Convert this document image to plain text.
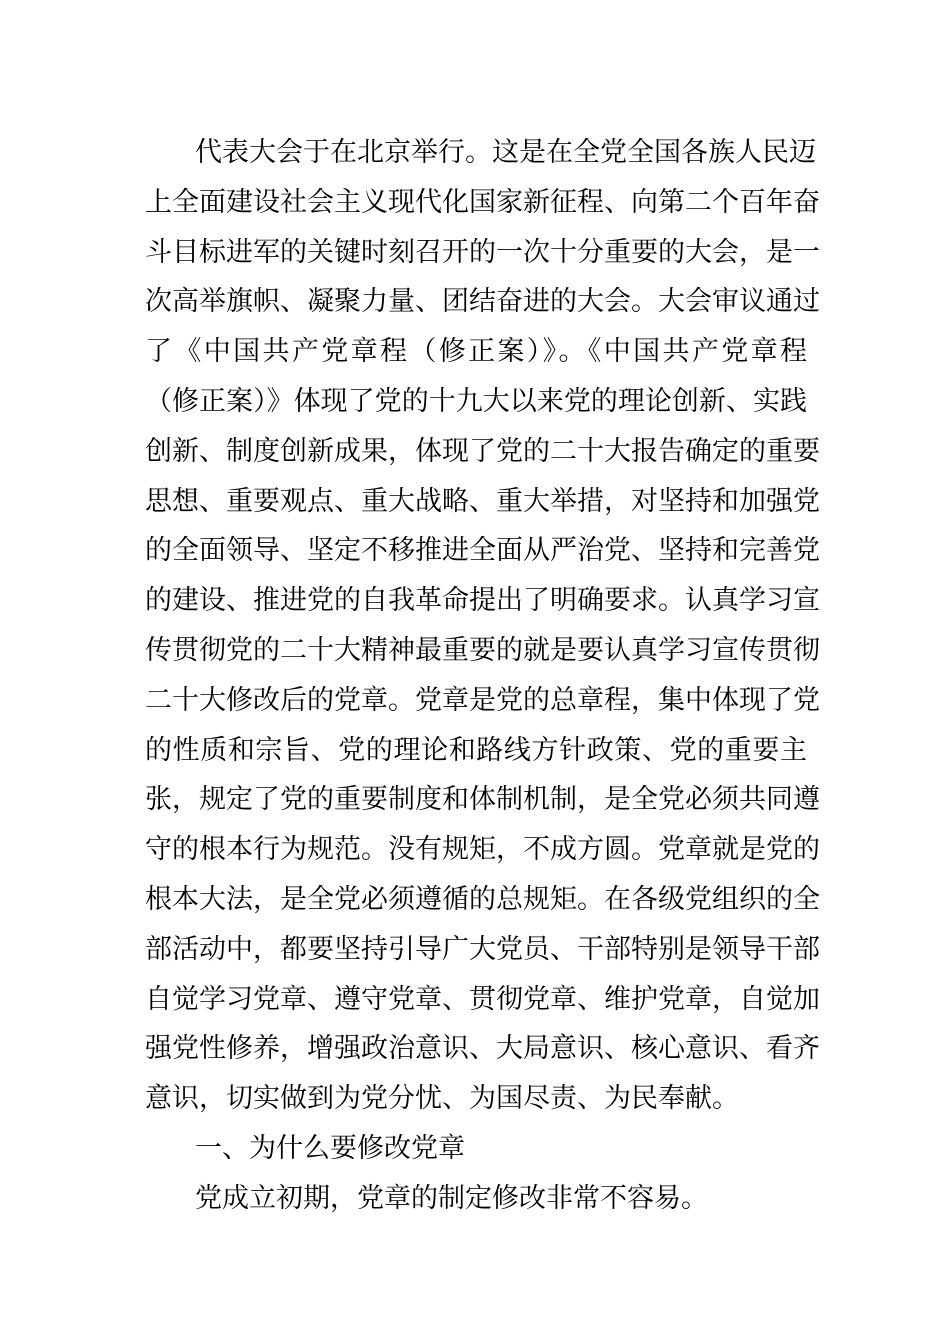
代表大会于在北京举行。这是在全党全国各族人民迈
上全面建设社会主义现代化国家新征程、向第二个百年奋
斗目标进军的关键时刻召开的一次十分重要的大会，是一
次高举旗帜、凝聚力量、团结奋进的大会。大会审议通过
了《中国共产党章程（修正案）》。《中国共产党章程
（修正案）》体现了党的十九大以来党的理论创新、实践
创新、制度创新成果，体现了党的二十大报告确定的重要
思想、重要观点、重大战略、重大举措，对坚持和加强党
的全面领导、坚定不移推进全面从严治党、坚持和完善党
的建设、推进党的自我革命提出了明确要求。认真学习宣
传贯彻党的二十大精神最重要的就是要认真学习宣传贯彻
二十大修改后的党章。党章是党的总章程，集中体现了党
的性质和宗旨、党的理论和路线方针政策、党的重要主
张，规定了党的重要制度和体制机制，是全党必须共同遵
守的根本行为规范。没有规矩，不成方圆。党章就是党的
根本大法，是全党必须遵循的总规矩。在各级党组织的全
部活动中，都要坚持引导广大党员、干部特别是领导干部
自觉学习党章、遵守党章、贯彻党章、维护党章，自觉加
强党性修养，增强政治意识、大局意识、核心意识、看齐
意识，切实做到为党分忧、为国尽责、为民奉献。
一、为什么要修改党章
党成立初期，党章的制定修改非常不容易。
